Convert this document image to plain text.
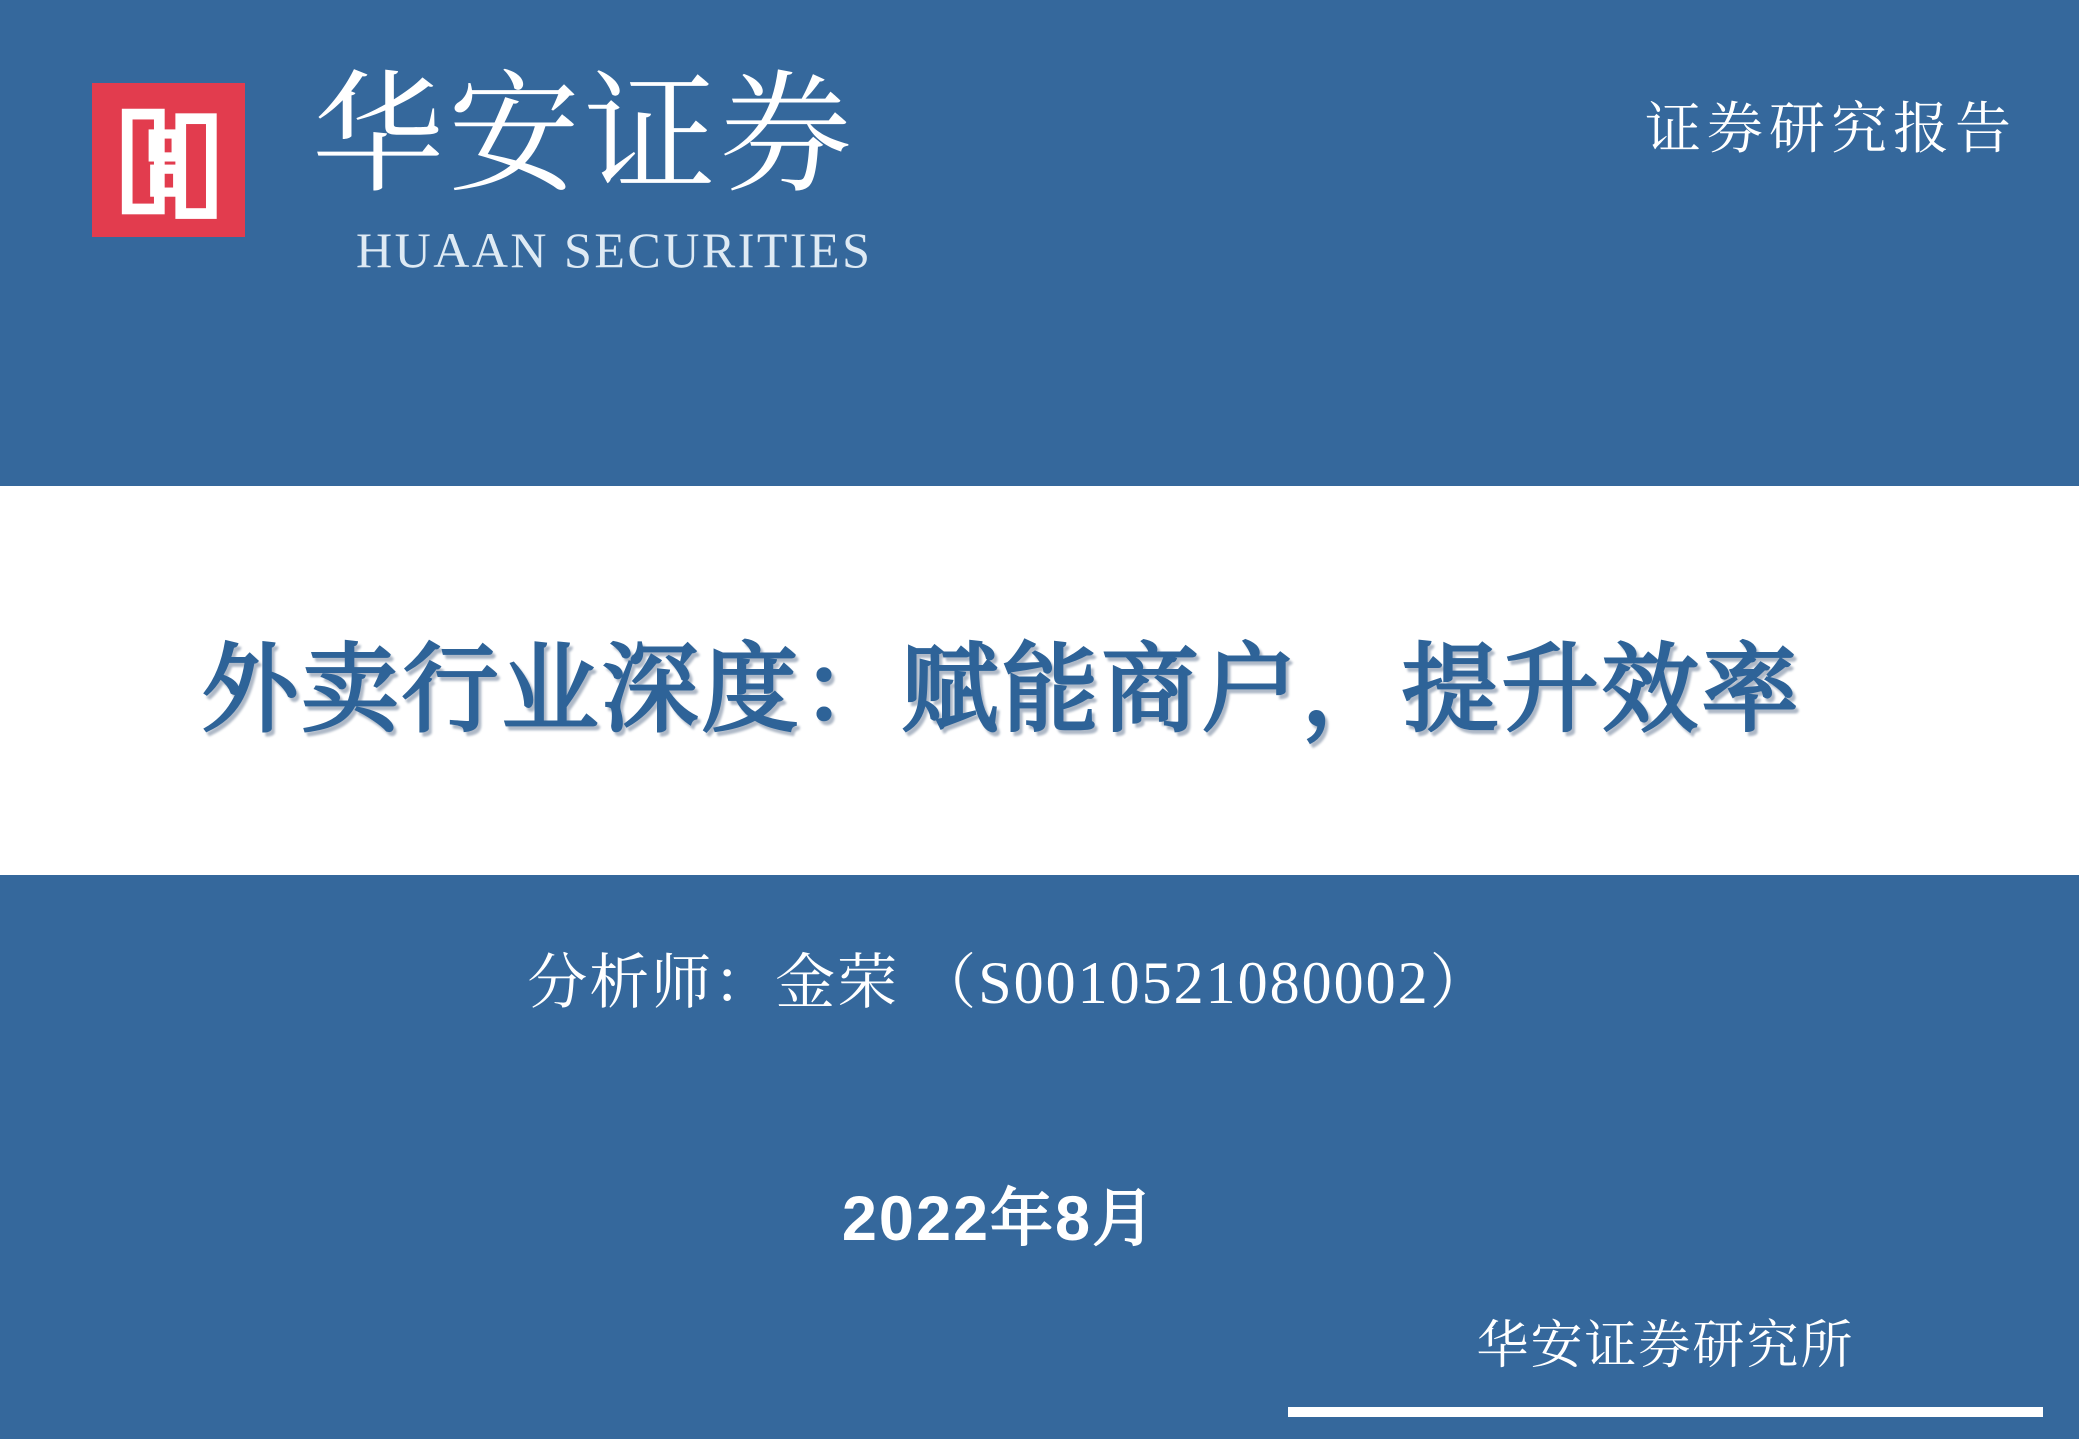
华安证券
HUAAN SECURITIES
证券研究报告
外卖行业深度：赋能商户，提升效率
分析师：金荣 （S0010521080002）
2022年8月
华安证券研究所
